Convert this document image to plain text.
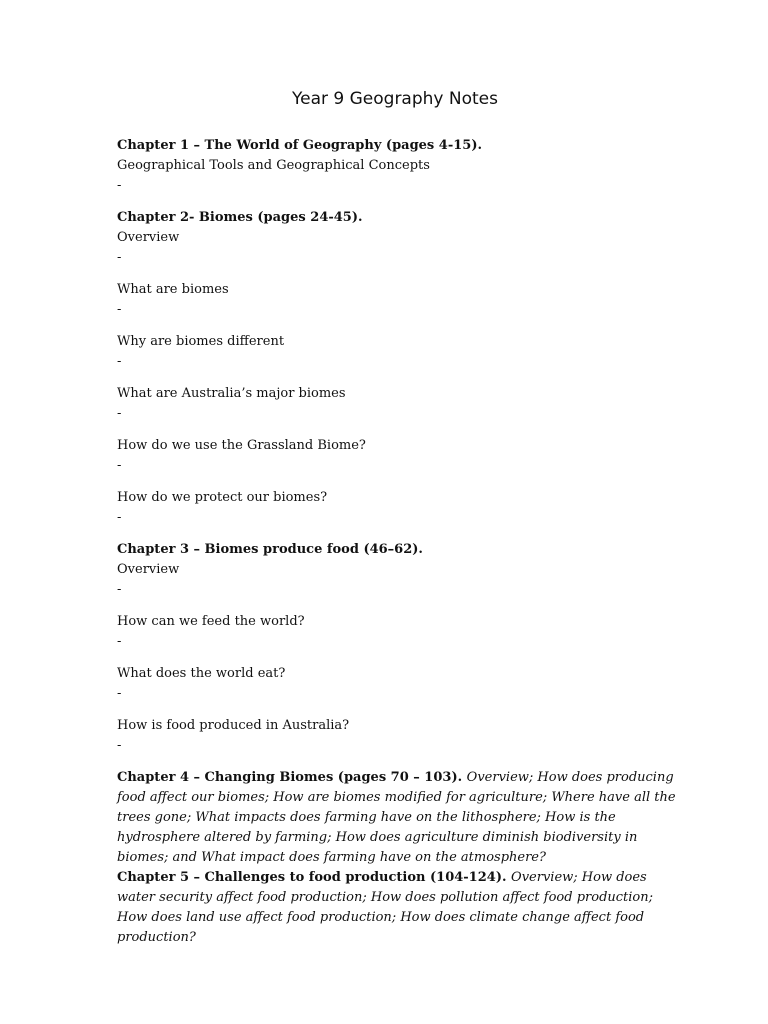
Year 9 Geography Notes
Chapter 1 – The World of Geography (pages 4-15).
Geographical Tools and Geographical Concepts
-
Chapter 2- Biomes (pages 24-45).
Overview
-
What are biomes
-
Why are biomes different
-
What are Australia’s major biomes
-
How do we use the Grassland Biome?
-
How do we protect our biomes?
-
Chapter 3 – Biomes produce food (46–62).
Overview
-
How can we feed the world?
-
What does the world eat?
-
How is food produced in Australia?
-
Chapter 4 – Changing Biomes (pages 70 – 103). Overview; How does producing food affect our biomes; How are biomes modified for agriculture; Where have all the trees gone; What impacts does farming have on the lithosphere; How is the hydrosphere altered by farming; How does agriculture diminish biodiversity in biomes; and What impact does farming have on the atmosphere?
Chapter 5 – Challenges to food production (104-124). Overview; How does water security affect food production; How does pollution affect food production; How does land use affect food production; How does climate change affect food production?
